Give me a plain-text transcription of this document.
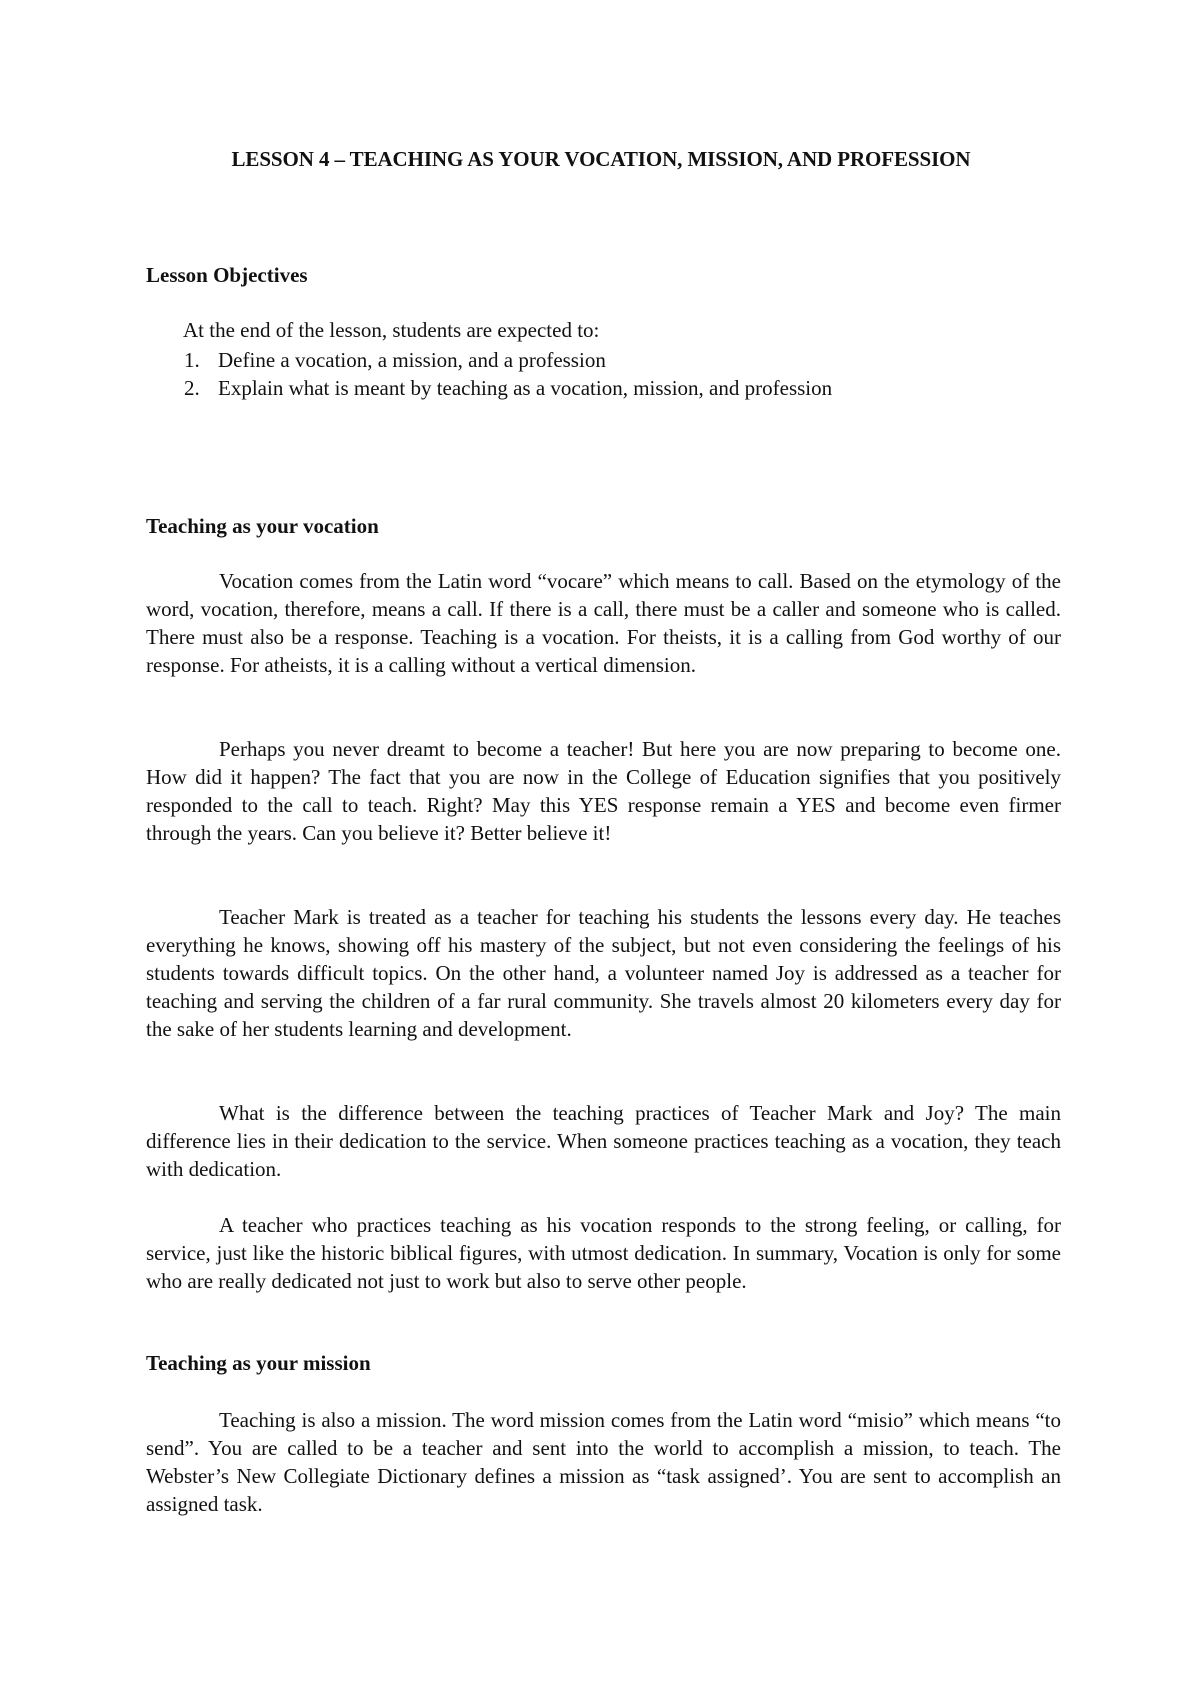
LESSON 4 – TEACHING AS YOUR VOCATION, MISSION, AND PROFESSION
Lesson Objectives

At the end of the lesson, students are expected to:

1. Define a vocation, a mission, and a profession
2. Explain what is meant by teaching as a vocation, mission, and profession
Teaching as your vocation

Vocation comes from the Latin word “vocare” which means to call. Based on the etymology of the word, vocation, therefore, means a call. If there is a call, there must be a caller and someone who is called. There must also be a response. Teaching is a vocation. For theists, it is a calling from God worthy of our response. For atheists, it is a calling without a vertical dimension.

Perhaps you never dreamt to become a teacher! But here you are now preparing to become one. How did it happen? The fact that you are now in the College of Education signifies that you positively responded to the call to teach. Right? May this YES response remain a YES and become even firmer through the years. Can you believe it? Better believe it!

Teacher Mark is treated as a teacher for teaching his students the lessons every day. He teaches everything he knows, showing off his mastery of the subject, but not even considering the feelings of his students towards difficult topics. On the other hand, a volunteer named Joy is addressed as a teacher for teaching and serving the children of a far rural community. She travels almost 20 kilometers every day for the sake of her students learning and development.

What is the difference between the teaching practices of Teacher Mark and Joy? The main difference lies in their dedication to the service. When someone practices teaching as a vocation, they teach with dedication.

A teacher who practices teaching as his vocation responds to the strong feeling, or calling, for service, just like the historic biblical figures, with utmost dedication. In summary, Vocation is only for some who are really dedicated not just to work but also to serve other people.

Teaching as your mission

Teaching is also a mission. The word mission comes from the Latin word “misio” which means “to send”. You are called to be a teacher and sent into the world to accomplish a mission, to teach. The Webster’s New Collegiate Dictionary defines a mission as “task assigned’. You are sent to accomplish an assigned task.
